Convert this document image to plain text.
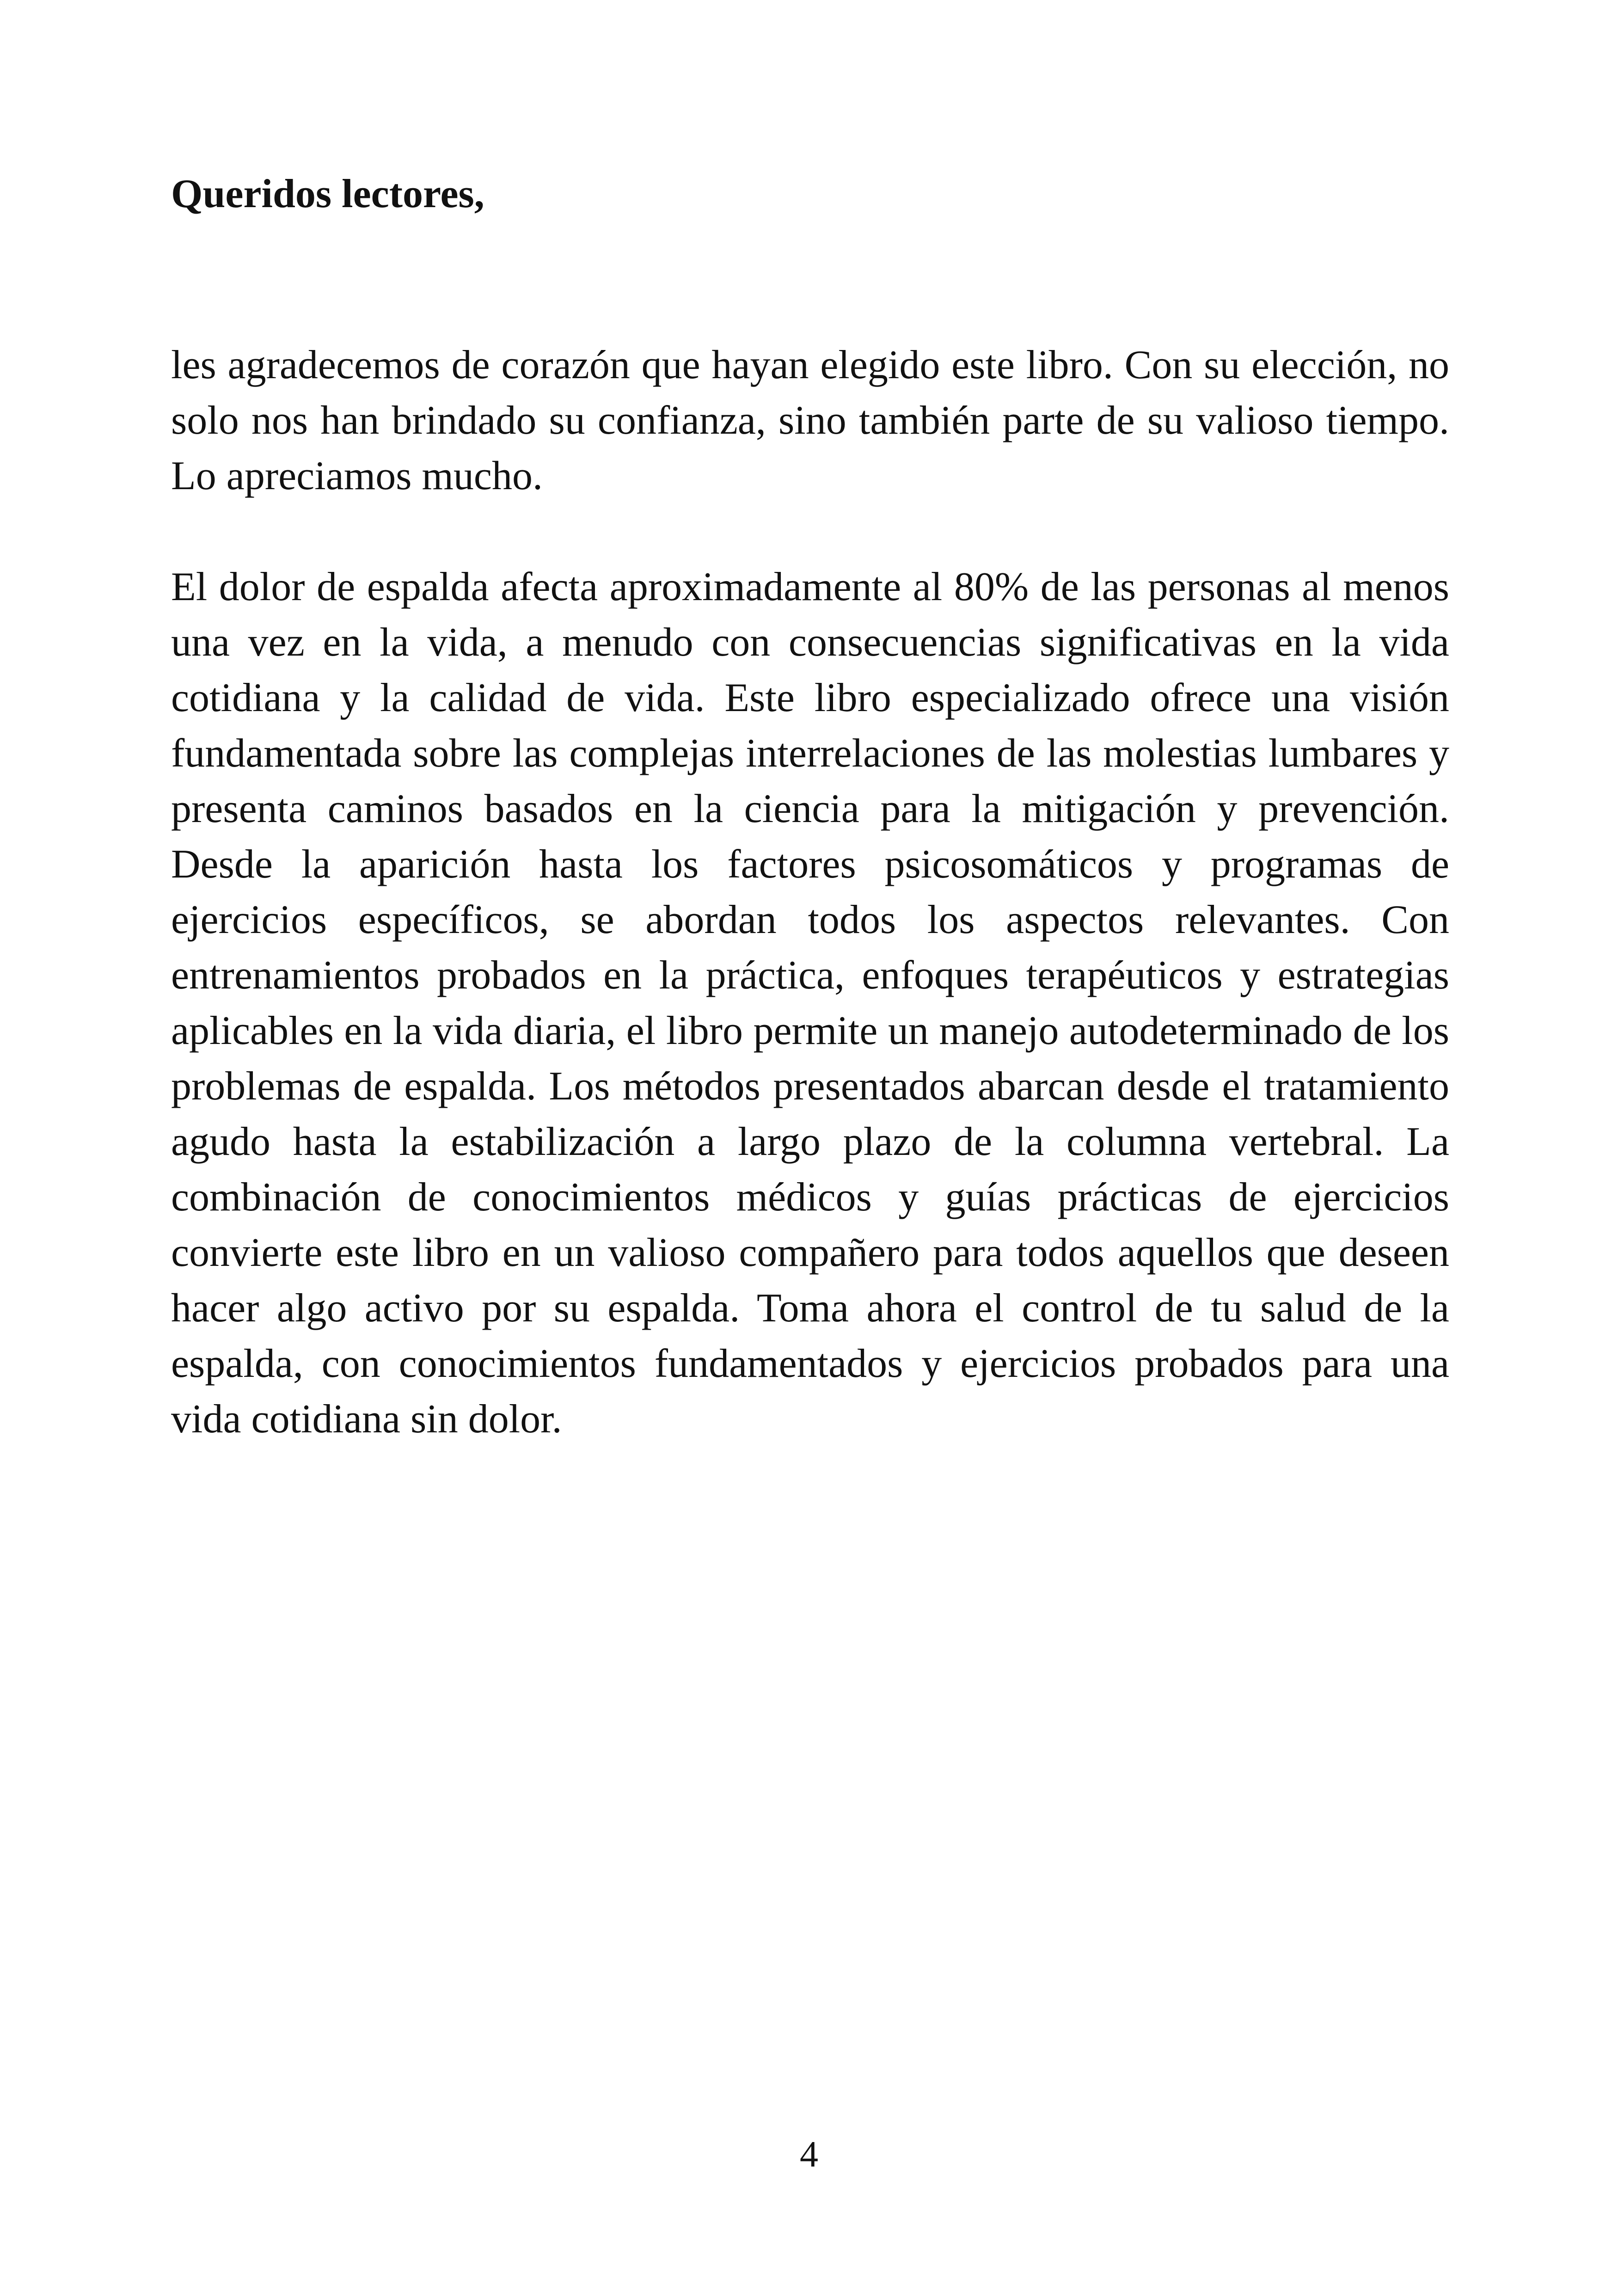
Queridos lectores,

les agradecemos de corazón que hayan elegido este libro. Con su elección, no solo nos han brindado su confianza, sino también parte de su valioso tiempo. Lo apreciamos mucho.

El dolor de espalda afecta aproximadamente al 80% de las personas al menos una vez en la vida, a menudo con consecuencias significativas en la vida cotidiana y la calidad de vida. Este libro especializado ofrece una visión fundamentada sobre las complejas interrelaciones de las molestias lumbares y presenta caminos basados en la ciencia para la mitigación y prevención. Desde la aparición hasta los factores psicosomáticos y programas de ejercicios específicos, se abordan todos los aspectos relevantes. Con entrenamientos probados en la práctica, enfoques terapéuticos y estrategias aplicables en la vida diaria, el libro permite un manejo autodeterminado de los problemas de espalda. Los métodos presentados abarcan desde el tratamiento agudo hasta la estabilización a largo plazo de la columna vertebral. La combinación de conocimientos médicos y guías prácticas de ejercicios convierte este libro en un valioso compañero para todos aquellos que deseen hacer algo activo por su espalda. Toma ahora el control de tu salud de la espalda, con conocimientos fundamentados y ejercicios probados para una vida cotidiana sin dolor.

4
